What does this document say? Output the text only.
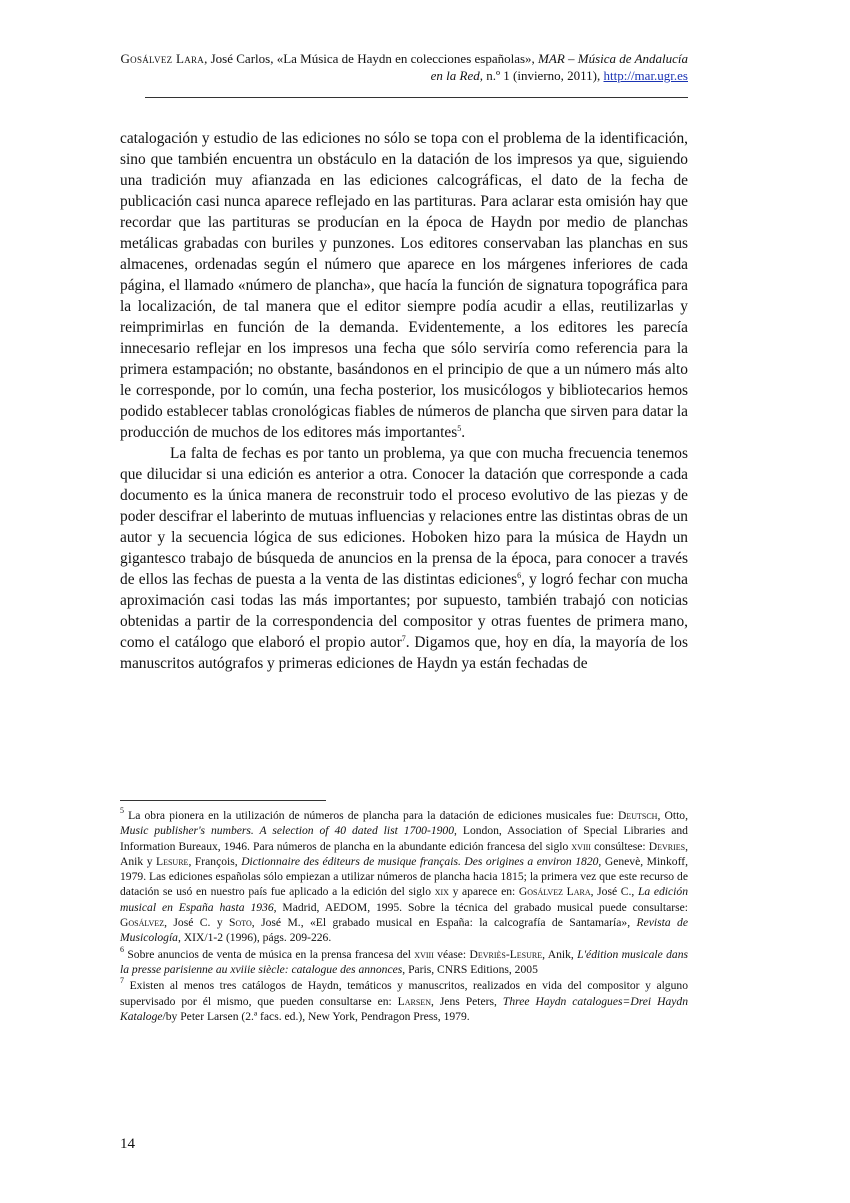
Gosálvez Lara, José Carlos, «La Música de Haydn en colecciones españolas», MAR – Música de Andalucía en la Red, n.º 1 (invierno, 2011), http://mar.ugr.es

catalogación y estudio de las ediciones no sólo se topa con el problema de la identificación, sino que también encuentra un obstáculo en la datación de los impresos ya que, siguiendo una tradición muy afianzada en las ediciones calcográficas, el dato de la fecha de publicación casi nunca aparece reflejado en las partituras. Para aclarar esta omisión hay que recordar que las partituras se producían en la época de Haydn por medio de planchas metálicas grabadas con buriles y punzones. Los editores conservaban las planchas en sus almacenes, ordenadas según el número que aparece en los márgenes inferiores de cada página, el llamado «número de plancha», que hacía la función de signatura topográfica para la localización, de tal manera que el editor siempre podía acudir a ellas, reutilizarlas y reimprimirlas en función de la demanda. Evidentemente, a los editores les parecía innecesario reflejar en los impresos una fecha que sólo serviría como referencia para la primera estampación; no obstante, basándonos en el principio de que a un número más alto le corresponde, por lo común, una fecha posterior, los musicólogos y bibliotecarios hemos podido establecer tablas cronológicas fiables de números de plancha que sirven para datar la producción de muchos de los editores más importantes$^5$.

La falta de fechas es por tanto un problema, ya que con mucha frecuencia tenemos que dilucidar si una edición es anterior a otra. Conocer la datación que corresponde a cada documento es la única manera de reconstruir todo el proceso evolutivo de las piezas y de poder descifrar el laberinto de mutuas influencias y relaciones entre las distintas obras de un autor y la secuencia lógica de sus ediciones. Hoboken hizo para la música de Haydn un gigantesco trabajo de búsqueda de anuncios en la prensa de la época, para conocer a través de ellos las fechas de puesta a la venta de las distintas ediciones$^6$, y logró fechar con mucha aproximación casi todas las más importantes; por supuesto, también trabajó con noticias obtenidas a partir de la correspondencia del compositor y otras fuentes de primera mano, como el catálogo que elaboró el propio autor$^7$. Digamos que, hoy en día, la mayoría de los manuscritos autógrafos y primeras ediciones de Haydn ya están fechadas de

$^5$ La obra pionera en la utilización de números de plancha para la datación de ediciones musicales fue: Deutsch, Otto, Music publisher's numbers. A selection of 40 dated list 1700-1900, London, Association of Special Libraries and Information Bureaux, 1946. Para números de plancha en la abundante edición francesa del siglo xviii consúltese: Devries, Anik y Lesure, François, Dictionnaire des éditeurs de musique français. Des origines a environ 1820, Genevè, Minkoff, 1979. Las ediciones españolas sólo empiezan a utilizar números de plancha hacia 1815; la primera vez que este recurso de datación se usó en nuestro país fue aplicado a la edición del siglo xix y aparece en: Gosálvez Lara, José C., La edición musical en España hasta 1936, Madrid, AEDOM, 1995. Sobre la técnica del grabado musical puede consultarse: Gosálvez, José C. y Soto, José M., «El grabado musical en España: la calcografía de Santamaría», Revista de Musicología, XIX/1-2 (1996), págs. 209-226.

$^6$ Sobre anuncios de venta de música en la prensa francesa del xviii véase: Devriès-Lesure, Anik, L'édition musicale dans la presse parisienne au xviiie siècle: catalogue des annonces, Paris, CNRS Editions, 2005

$^7$ Existen al menos tres catálogos de Haydn, temáticos y manuscritos, realizados en vida del compositor y alguno supervisado por él mismo, que pueden consultarse en: Larsen, Jens Peters, Three Haydn catalogues=Drei Haydn Kataloge/by Peter Larsen (2.ª facs. ed.), New York, Pendragon Press, 1979.

14
